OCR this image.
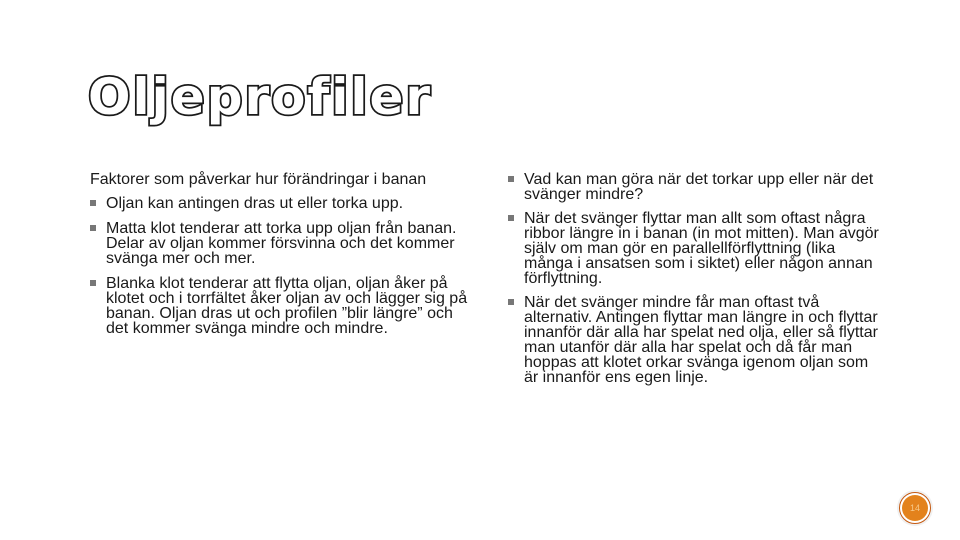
Oljeprofiler
Faktorer som påverkar hur förändringar i banan
Oljan kan antingen dras ut eller torka upp.
Matta klot tenderar att torka upp oljan från banan. Delar av oljan kommer försvinna och det kommer svänga mer och mer.
Blanka klot tenderar att flytta oljan, oljan åker på klotet och i torrfältet åker oljan av och lägger sig på banan. Oljan dras ut och profilen ”blir längre” och det kommer svänga mindre och mindre.
Vad kan man göra när det torkar upp eller när det svänger mindre?
När det svänger flyttar man allt som oftast några ribbor längre in i banan (in mot mitten). Man avgör själv om man gör en parallellförflyttning (lika många i ansatsen som i siktet) eller någon annan förflyttning.
När det svänger mindre får man oftast två alternativ. Antingen flyttar man längre in och flyttar innanför där alla har spelat ned olja, eller så flyttar man utanför där alla har spelat och då får man hoppas att klotet orkar svänga igenom oljan som är innanför ens egen linje.
14
